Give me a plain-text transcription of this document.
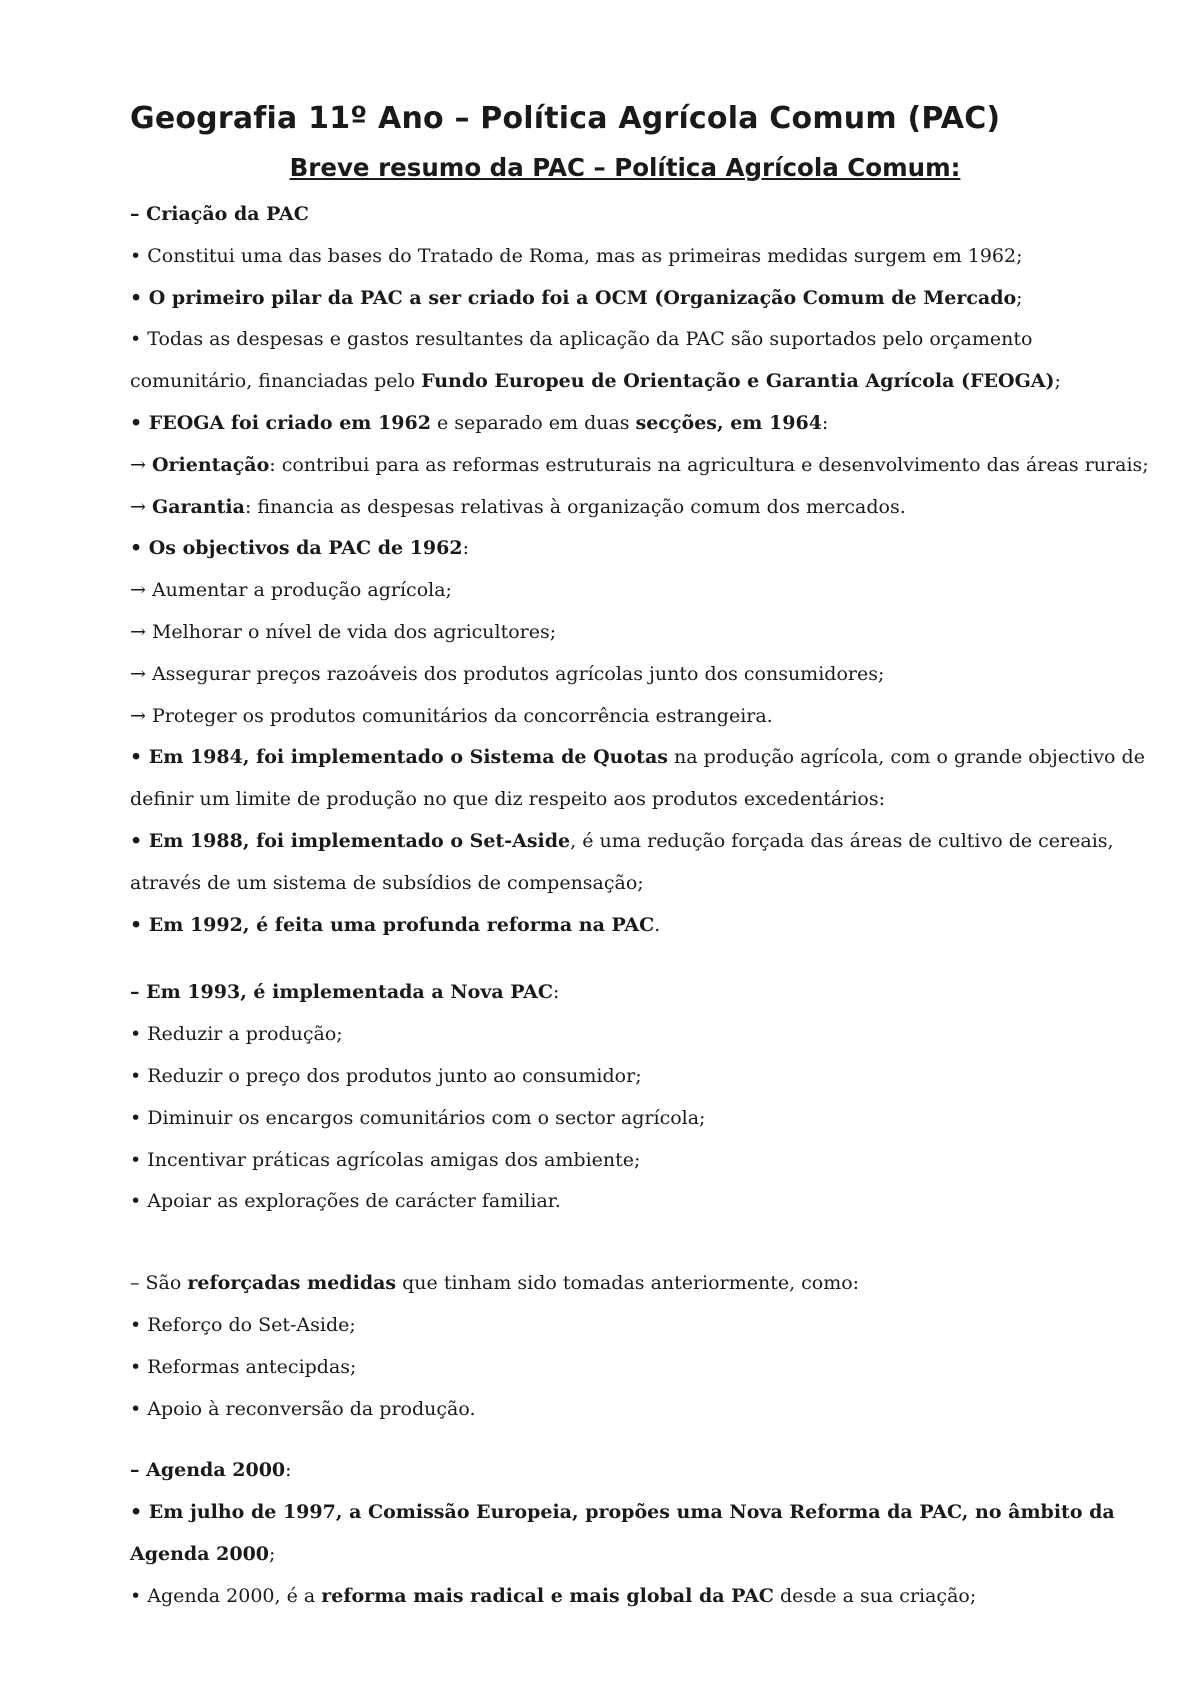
Geografia 11º Ano – Política Agrícola Comum (PAC)
Breve resumo da PAC – Política Agrícola Comum:
– Criação da PAC
• Constitui uma das bases do Tratado de Roma, mas as primeiras medidas surgem em 1962;
• O primeiro pilar da PAC a ser criado foi a OCM (Organização Comum de Mercado;
• Todas as despesas e gastos resultantes da aplicação da PAC são suportados pelo orçamento
comunitário, financiadas pelo Fundo Europeu de Orientação e Garantia Agrícola (FEOGA);
• FEOGA foi criado em 1962 e separado em duas secções, em 1964:
→ Orientação: contribui para as reformas estruturais na agricultura e desenvolvimento das áreas rurais;
→ Garantia: financia as despesas relativas à organização comum dos mercados.
• Os objectivos da PAC de 1962:
→ Aumentar a produção agrícola;
→ Melhorar o nível de vida dos agricultores;
→ Assegurar preços razoáveis dos produtos agrícolas junto dos consumidores;
→ Proteger os produtos comunitários da concorrência estrangeira.
• Em 1984, foi implementado o Sistema de Quotas na produção agrícola, com o grande objectivo de
definir um limite de produção no que diz respeito aos produtos excedentários:
• Em 1988, foi implementado o Set-Aside, é uma redução forçada das áreas de cultivo de cereais,
através de um sistema de subsídios de compensação;
• Em 1992, é feita uma profunda reforma na PAC.
– Em 1993, é implementada a Nova PAC:
• Reduzir a produção;
• Reduzir o preço dos produtos junto ao consumidor;
• Diminuir os encargos comunitários com o sector agrícola;
• Incentivar práticas agrícolas amigas dos ambiente;
• Apoiar as explorações de carácter familiar.
– São reforçadas medidas que tinham sido tomadas anteriormente, como:
• Reforço do Set-Aside;
• Reformas antecipdas;
• Apoio à reconversão da produção.
– Agenda 2000:
• Em julho de 1997, a Comissão Europeia, propões uma Nova Reforma da PAC, no âmbito da
Agenda 2000;
• Agenda 2000, é a reforma mais radical e mais global da PAC desde a sua criação;
